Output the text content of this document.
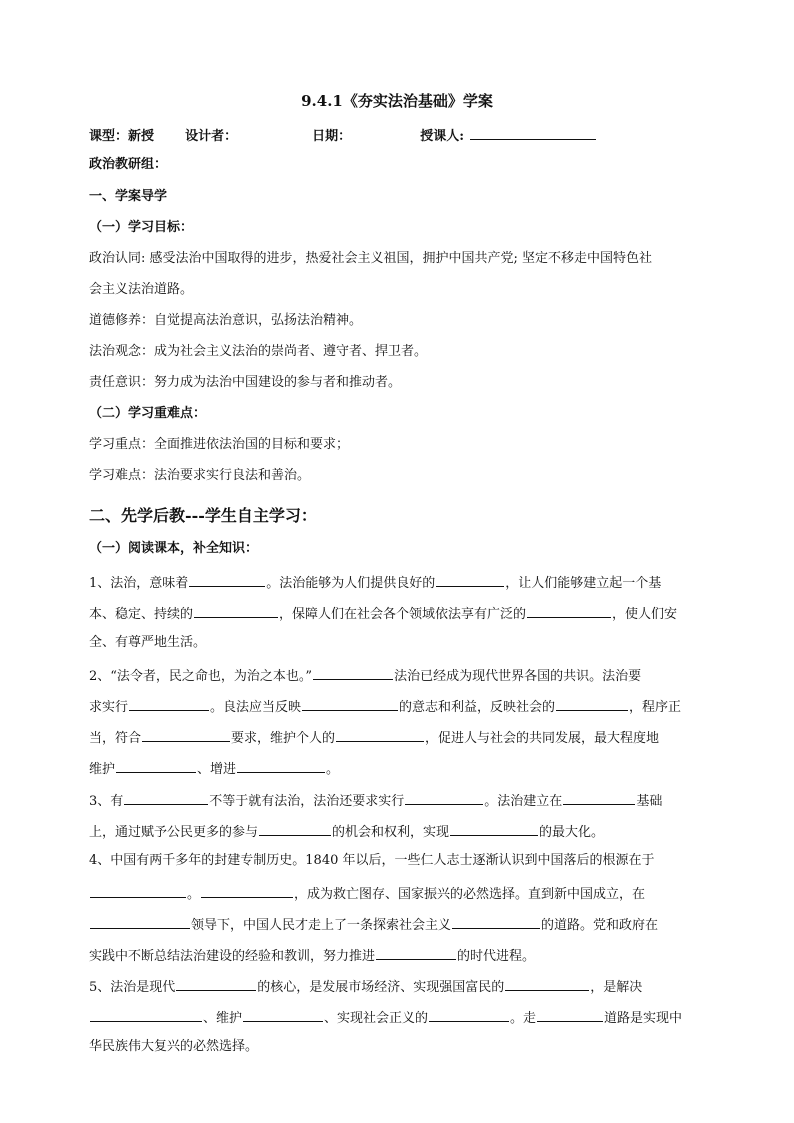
9.4.1《夯实法治基础》学案
课型：新授 设计者：	日期：	授课人:
政治教研组：
一、学案导学
（一）学习目标：
政治认同: 感受法治中国取得的进步，热爱社会主义祖国，拥护中国共产党; 坚定不移走中国特色社
会主义法治道路。
道德修养：自觉提高法治意识，弘扬法治精神。
法治观念：成为社会主义法治的崇尚者、遵守者、捍卫者。
责任意识：努力成为法治中国建设的参与者和推动者。
（二）学习重难点：
学习重点：全面推进依法治国的目标和要求；
学习难点：法治要求实行良法和善治。
二、先学后教---学生自主学习：
（一）阅读课本，补全知识：
1、法治，意味着	。法治能够为人们提供良好的	，让人们能够建立起一个基
本、稳定、持续的	，保障人们在社会各个领域依法享有广泛的	，使人们安
全、有尊严地生活。
2、“法令者，民之命也，为治之本也。”	法治已经成为现代世界各国的共识。法治要
求实行	。良法应当反映	的意志和利益，反映社会的	，程序正
当，符合	要求，维护个人的	，促进人与社会的共同发展，最大程度地
维护	、增进	。
3、有	不等于就有法治，法治还要求实行	。法治建立在	基础
上，通过赋予公民更多的参与	的机会和权利，实现	的最大化。
4、中国有两千多年的封建专制历史。1840 年以后，一些仁人志士逐渐认识到中国落后的根源在于
。	，成为救亡图存、国家振兴的必然选择。直到新中国成立，在
领导下，中国人民才走上了一条探索社会主义	的道路。党和政府在
实践中不断总结法治建设的经验和教训，努力推进	的时代进程。
5、法治是现代	的核心，是发展市场经济、实现强国富民的	，是解决
、维护	、实现社会正义的	。走	道路是实现中
华民族伟大复兴的必然选择。
